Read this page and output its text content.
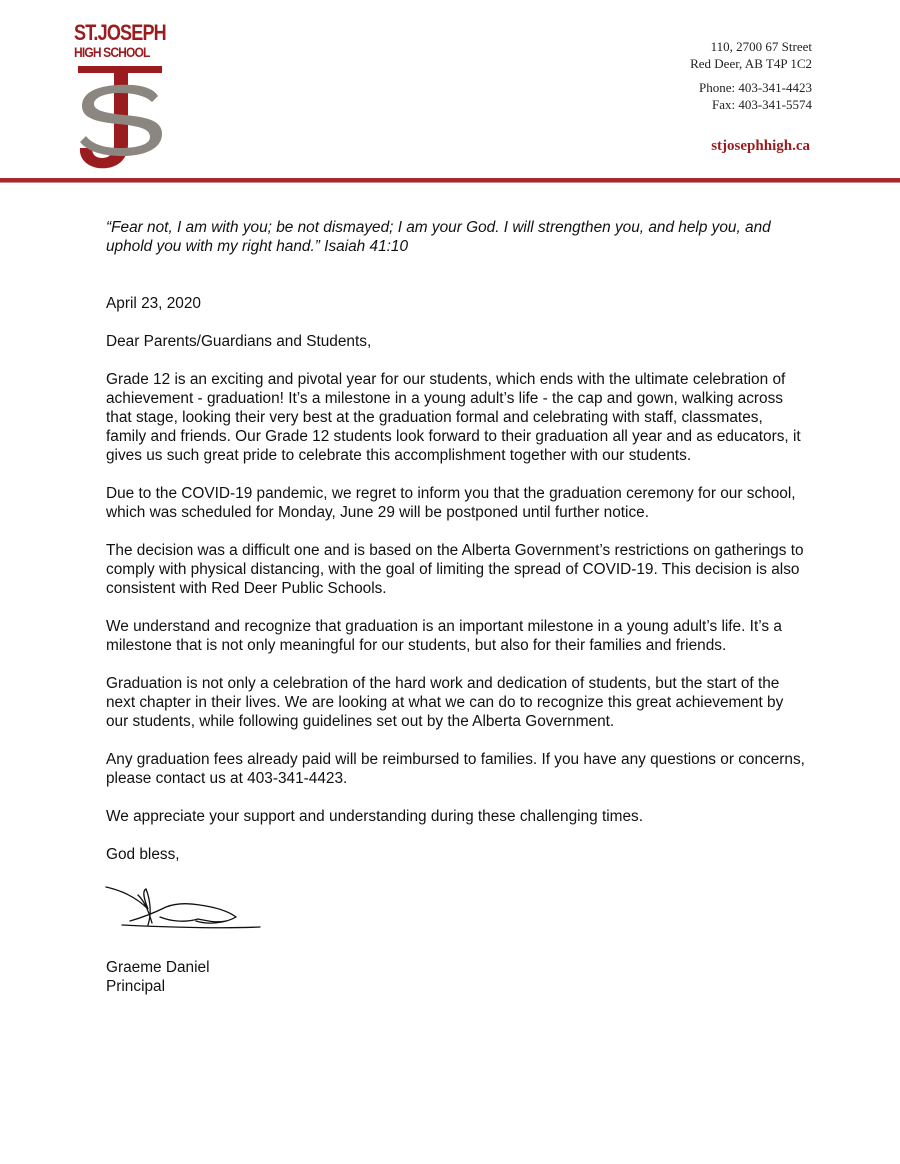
ST.JOSEPH
HIGH SCHOOL	110, 2700 67 Street
Red Deer, AB T4P 1C2
Phone: 403-341-4423
Fax: 403-341-5574
stjosephhigh.ca

“Fear not, I am with you; be not dismayed; I am your God. I will strengthen you, and help you, and uphold you with my right hand.” Isaiah 41:10

April 23, 2020

Dear Parents/Guardians and Students,

Grade 12 is an exciting and pivotal year for our students, which ends with the ultimate celebration of achievement - graduation! It’s a milestone in a young adult’s life - the cap and gown, walking across that stage, looking their very best at the graduation formal and celebrating with staff, classmates, family and friends. Our Grade 12 students look forward to their graduation all year and as educators, it gives us such great pride to celebrate this accomplishment together with our students.

Due to the COVID-19 pandemic, we regret to inform you that the graduation ceremony for our school, which was scheduled for Monday, June 29 will be postponed until further notice.

The decision was a difficult one and is based on the Alberta Government’s restrictions on gatherings to comply with physical distancing, with the goal of limiting the spread of COVID-19. This decision is also consistent with Red Deer Public Schools.

We understand and recognize that graduation is an important milestone in a young adult’s life. It’s a milestone that is not only meaningful for our students, but also for their families and friends.

Graduation is not only a celebration of the hard work and dedication of students, but the start of the next chapter in their lives. We are looking at what we can do to recognize this great achievement by our students, while following guidelines set out by the Alberta Government.

Any graduation fees already paid will be reimbursed to families. If you have any questions or concerns, please contact us at 403-341-4423.

We appreciate your support and understanding during these challenging times.

God bless,

Graeme Daniel

Principal
